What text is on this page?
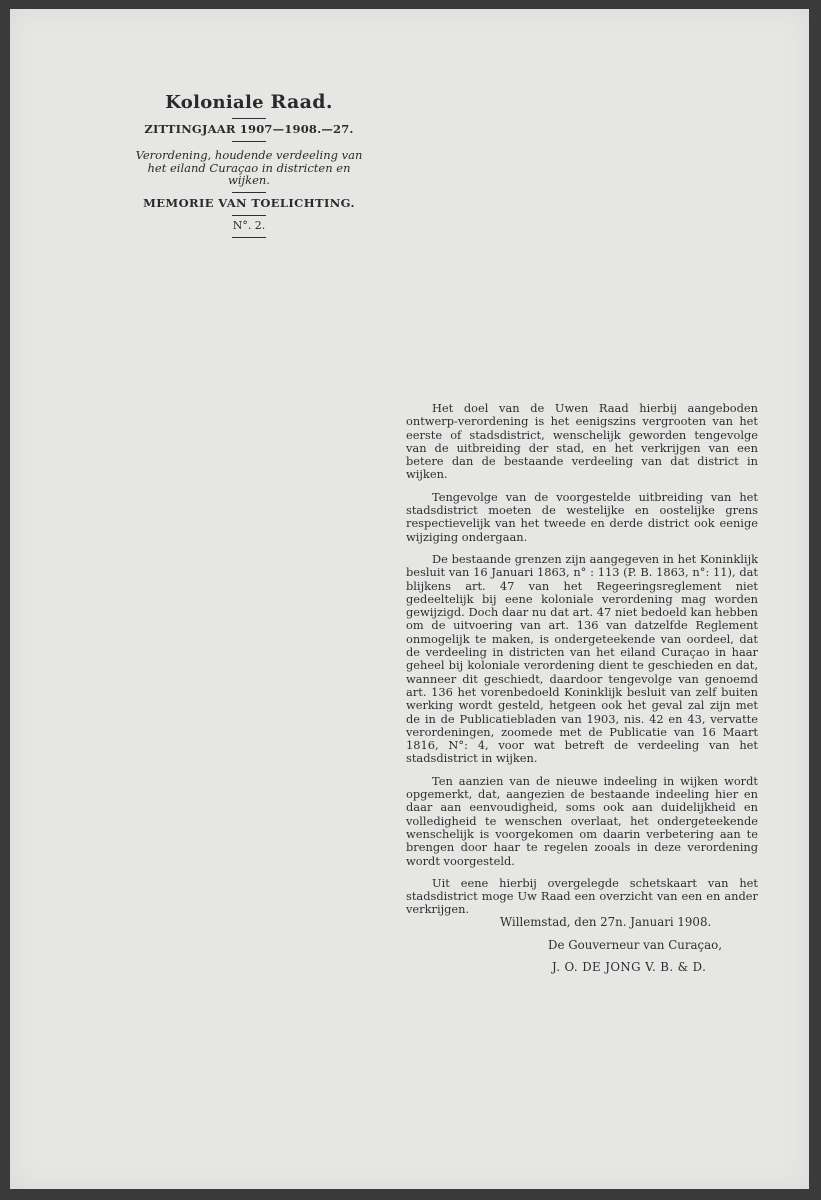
Koloniale Raad.

ZITTINGJAAR 1907—1908.—27.

Verordening, houdende verdeeling van het eiland Curaçao in districten en wijken.

MEMORIE VAN TOELICHTING.

N°. 2.

Het doel van de Uwen Raad hierbij aangeboden ontwerp-verordening is het eenigszins vergrooten van het eerste of stadsdistrict, wenschelijk geworden tengevolge van de uitbreiding der stad, en het verkrijgen van een betere dan de bestaande verdeeling van dat district in wijken.

Tengevolge van de voorgestelde uitbreiding van het stadsdistrict moeten de westelijke en oostelijke grens respectievelijk van het tweede en derde district ook eenige wijziging ondergaan.

De bestaande grenzen zijn aangegeven in het Koninklijk besluit van 16 Januari 1863, n° : 113 (P. B. 1863, n°: 11), dat blijkens art. 47 van het Regeeringsreglement niet gedeeltelijk bij eene koloniale verordening mag worden gewijzigd. Doch daar nu dat art. 47 niet bedoeld kan hebben om de uitvoering van art. 136 van datzelfde Reglement onmogelijk te maken, is ondergeteekende van oordeel, dat de verdeeling in districten van het eiland Curaçao in haar geheel bij koloniale verordening dient te geschieden en dat, wanneer dit geschiedt, daardoor tengevolge van genoemd art. 136 het vorenbedoeld Koninklijk besluit van zelf buiten werking wordt gesteld, hetgeen ook het geval zal zijn met de in de Publicatiebladen van 1903, nis. 42 en 43, vervatte verordeningen, zoomede met de Publicatie van 16 Maart 1816, N°: 4, voor wat betreft de verdeeling van het stadsdistrict in wijken.

Ten aanzien van de nieuwe indeeling in wijken wordt opgemerkt, dat, aangezien de bestaande indeeling hier en daar aan eenvoudigheid, soms ook aan duidelijkheid en volledigheid te wenschen overlaat, het ondergeteekende wenschelijk is voorgekomen om daarin verbetering aan te brengen door haar te regelen zooals in deze verordening wordt voorgesteld.

Uit eene hierbij overgelegde schetskaart van het stadsdistrict moge Uw Raad een overzicht van een en ander verkrijgen.

Willemstad, den 27n. Januari 1908.
De Gouverneur van Curaçao,
J. O. DE JONG V. B. & D.
